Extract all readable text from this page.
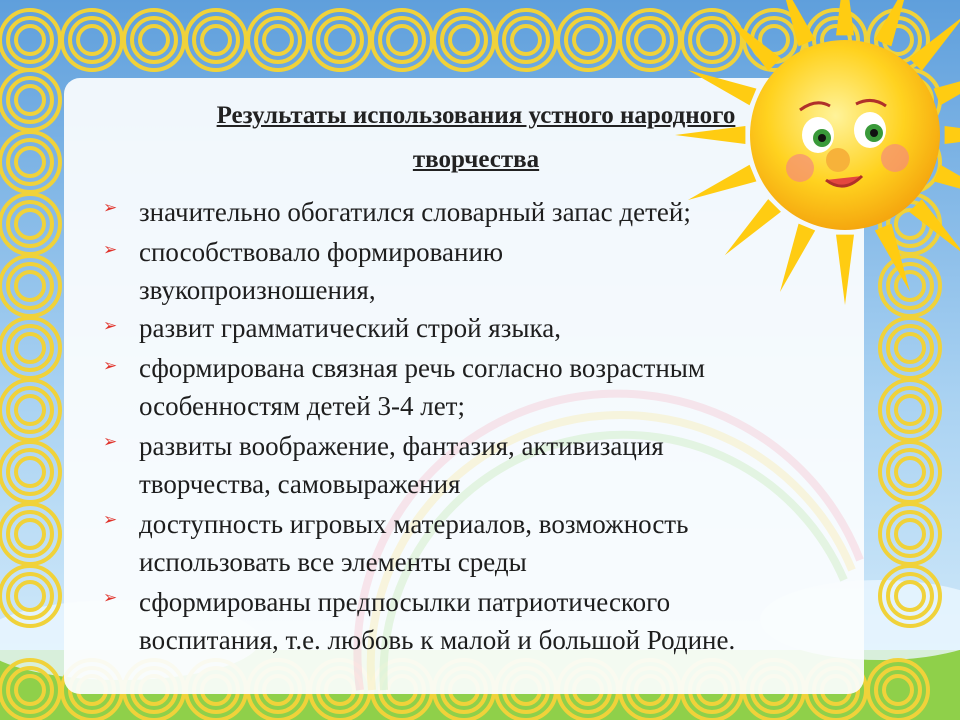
Результаты использования устного народного
творчества
➢
➢
➢
➢
➢
➢
➢
значительно обогатился словарный запас детей;
способствовало формированию
звукопроизношения,
развит грамматический строй языка,
сформирована связная речь согласно возрастным
особенностям детей 3-4 лет;
развиты воображение, фантазия, активизация
творчества, самовыражения
доступность игровых материалов, возможность
использовать все элементы среды
сформированы предпосылки патриотического
воспитания, т.е. любовь к малой и большой Родине.
